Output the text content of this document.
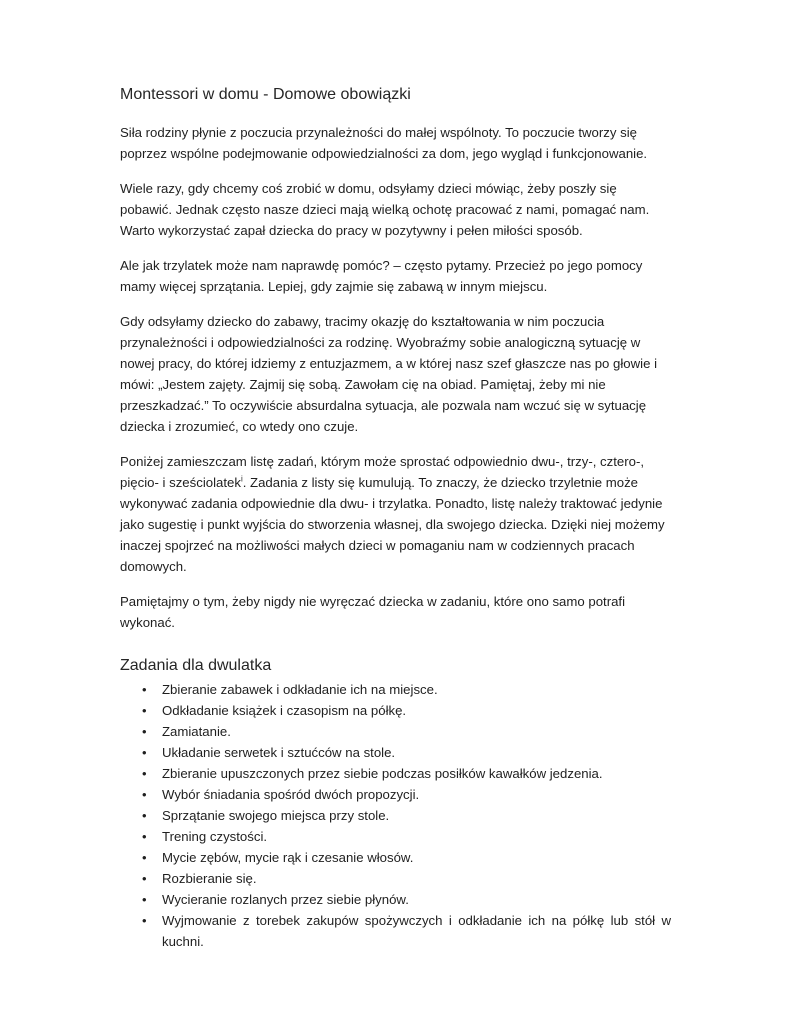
Montessori w domu - Domowe obowiązki

Siła rodziny płynie z poczucia przynależności do małej wspólnoty. To poczucie tworzy się poprzez wspólne podejmowanie odpowiedzialności za dom, jego wygląd i funkcjonowanie.

Wiele razy, gdy chcemy coś zrobić w domu, odsyłamy dzieci mówiąc, żeby poszły się pobawić. Jednak często nasze dzieci mają wielką ochotę pracować z nami, pomagać nam. Warto wykorzystać zapał dziecka do pracy w pozytywny i pełen miłości sposób.

Ale jak trzylatek może nam naprawdę pomóc? – często pytamy. Przecież po jego pomocy mamy więcej sprzątania. Lepiej, gdy zajmie się zabawą w innym miejscu.

Gdy odsyłamy dziecko do zabawy, tracimy okazję do kształtowania w nim poczucia przynależności i odpowiedzialności za rodzinę. Wyobraźmy sobie analogiczną sytuację w nowej pracy, do której idziemy z entuzjazmem, a w której nasz szef głaszcze nas po głowie i mówi: „Jestem zajęty. Zajmij się sobą. Zawołam cię na obiad. Pamiętaj, żeby mi nie przeszkadzać.” To oczywiście absurdalna sytuacja, ale pozwala nam wczuć się w sytuację dziecka i zrozumieć, co wtedy ono czuje.

Poniżej zamieszczam listę zadań, którym może sprostać odpowiednio dwu-, trzy-, cztero-, pięcio- i sześciolatek$^i$. Zadania z listy się kumulują. To znaczy, że dziecko trzyletnie może wykonywać zadania odpowiednie dla dwu- i trzylatka. Ponadto, listę należy traktować jedynie jako sugestię i punkt wyjścia do stworzenia własnej, dla swojego dziecka. Dzięki niej możemy inaczej spojrzeć na możliwości małych dzieci w pomaganiu nam w codziennych pracach domowych.

Pamiętajmy o tym, żeby nigdy nie wyręczać dziecka w zadaniu, które ono samo potrafi wykonać.

Zadania dla dwulatka
• Zbieranie zabawek i odkładanie ich na miejsce.
• Odkładanie książek i czasopism na półkę.
• Zamiatanie.
• Układanie serwetek i sztućców na stole.
• Zbieranie upuszczonych przez siebie podczas posiłków kawałków jedzenia.
• Wybór śniadania spośród dwóch propozycji.
• Sprzątanie swojego miejsca przy stole.
• Trening czystości.
• Mycie zębów, mycie rąk i czesanie włosów.
• Rozbieranie się.
• Wycieranie rozlanych przez siebie płynów.
• Wyjmowanie z torebek zakupów spożywczych i odkładanie ich na półkę lub stół w kuchni.
